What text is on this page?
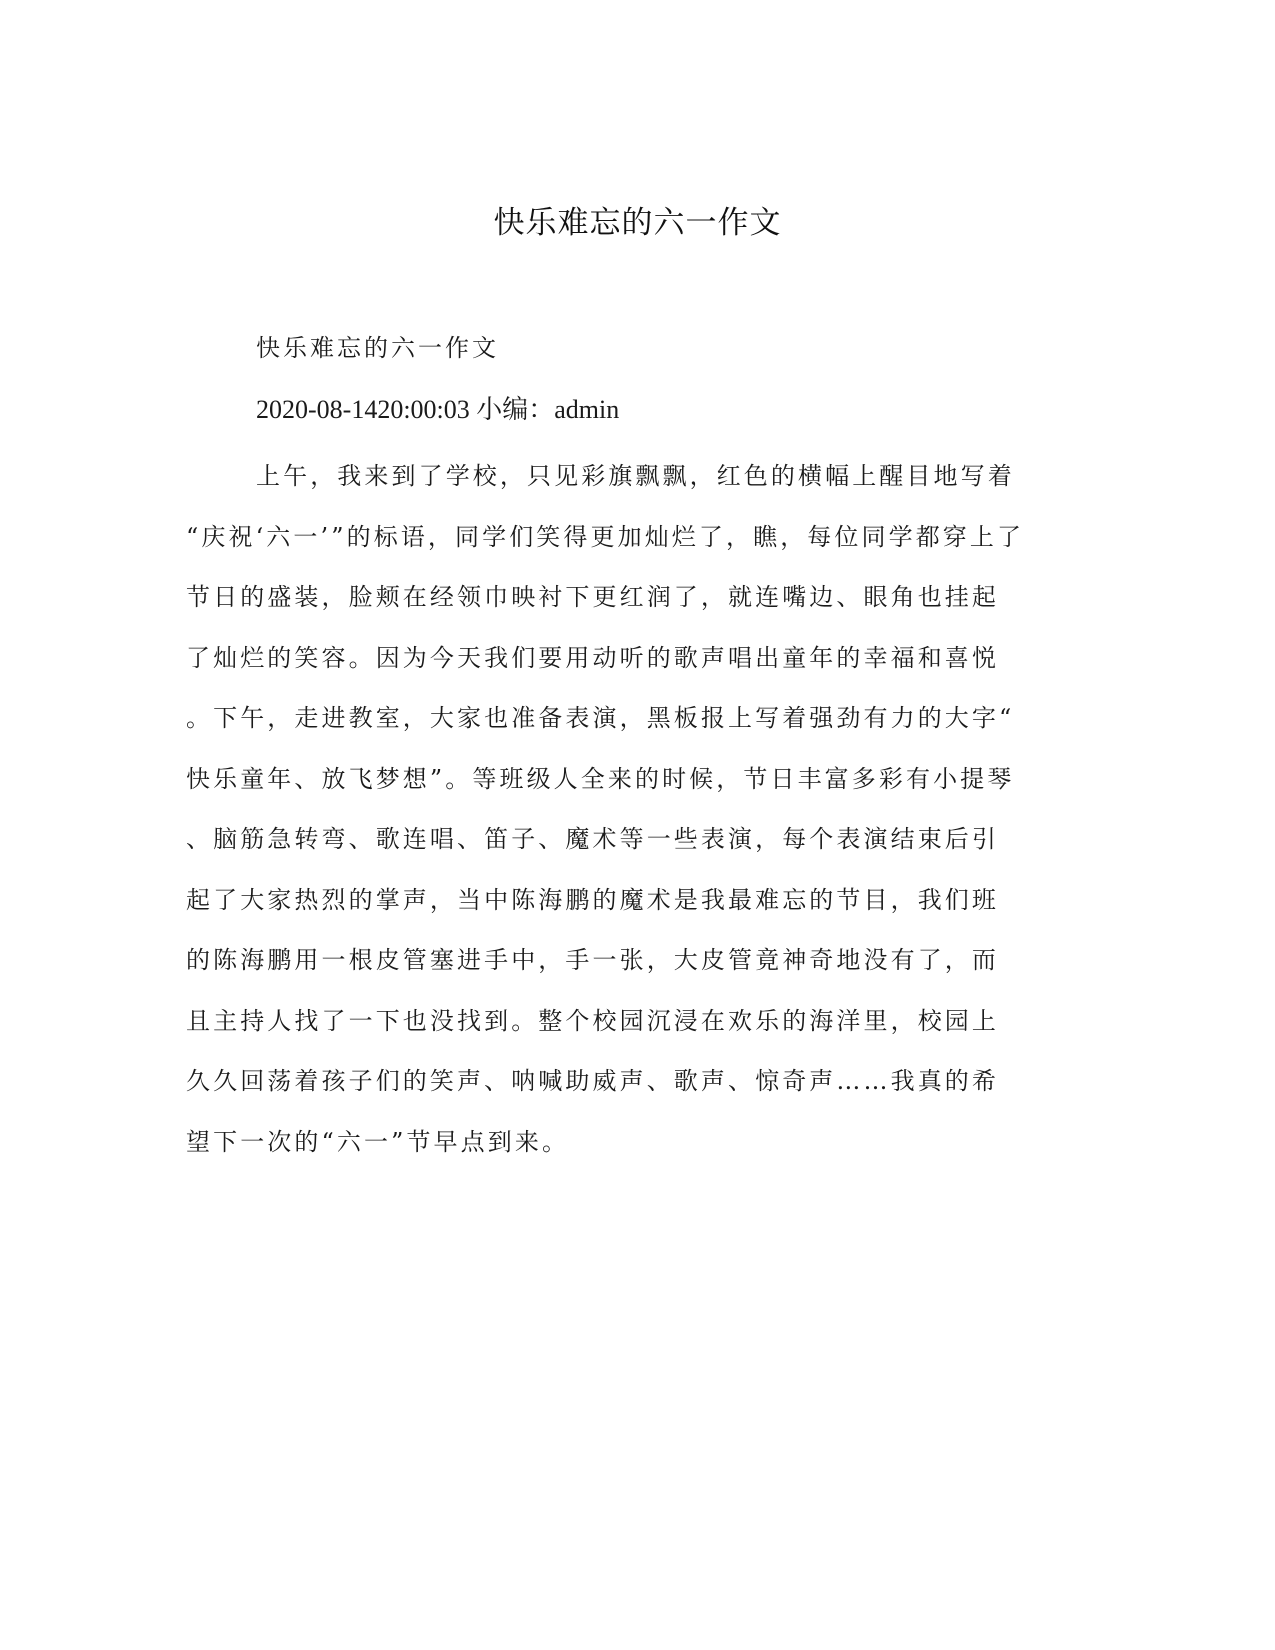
快乐难忘的六一作文

快乐难忘的六一作文

2020-08-1420:00:03 小编：admin

上午，我来到了学校，只见彩旗飘飘，红色的横幅上醒目地写着
“庆祝‘六一’”的标语，同学们笑得更加灿烂了，瞧，每位同学都穿上了
节日的盛装，脸颊在经领巾映衬下更红润了，就连嘴边、眼角也挂起
了灿烂的笑容。因为今天我们要用动听的歌声唱出童年的幸福和喜悦
。下午，走进教室，大家也准备表演，黑板报上写着强劲有力的大字“
快乐童年、放飞梦想”。等班级人全来的时候，节日丰富多彩有小提琴
、脑筋急转弯、歌连唱、笛子、魔术等一些表演，每个表演结束后引
起了大家热烈的掌声，当中陈海鹏的魔术是我最难忘的节目，我们班
的陈海鹏用一根皮管塞进手中，手一张，大皮管竟神奇地没有了，而
且主持人找了一下也没找到。整个校园沉浸在欢乐的海洋里，校园上
久久回荡着孩子们的笑声、呐喊助威声、歌声、惊奇声……我真的希
望下一次的“六一”节早点到来。
